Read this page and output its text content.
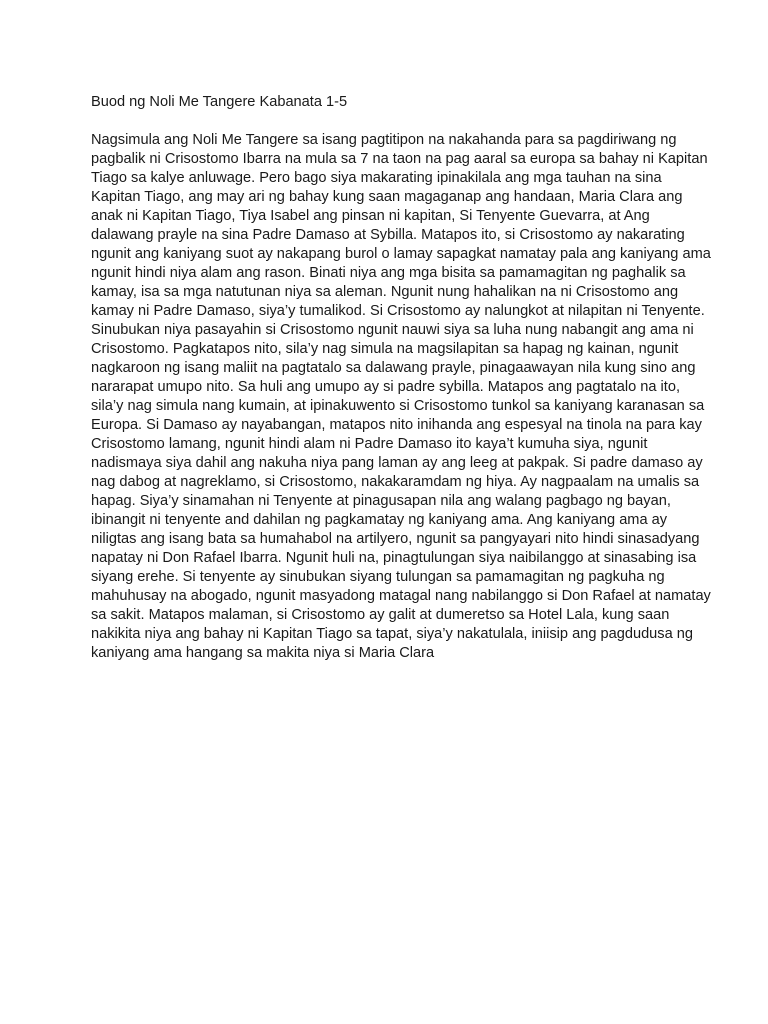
Buod ng Noli Me Tangere Kabanata 1-5
Nagsimula ang Noli Me Tangere sa isang pagtitipon na nakahanda para sa pagdiriwang ng
pagbalik ni Crisostomo Ibarra na mula sa 7 na taon na pag aaral sa europa sa bahay ni Kapitan
Tiago sa kalye anluwage. Pero bago siya makarating ipinakilala ang mga tauhan na sina
Kapitan Tiago, ang may ari ng bahay kung saan magaganap ang handaan, Maria Clara ang
anak ni Kapitan Tiago, Tiya Isabel ang pinsan ni kapitan, Si Tenyente Guevarra, at Ang
dalawang prayle na sina Padre Damaso at Sybilla. Matapos ito, si Crisostomo ay nakarating
ngunit ang kaniyang suot ay nakapang burol o lamay sapagkat namatay pala ang kaniyang ama
ngunit hindi niya alam ang rason. Binati niya ang mga bisita sa pamamagitan ng paghalik sa
kamay, isa sa mga natutunan niya sa aleman. Ngunit nung hahalikan na ni Crisostomo ang
kamay ni Padre Damaso, siya’y tumalikod. Si Crisostomo ay nalungkot at nilapitan ni Tenyente.
Sinubukan niya pasayahin si Crisostomo ngunit nauwi siya sa luha nung nabangit ang ama ni
Crisostomo. Pagkatapos nito, sila’y nag simula na magsilapitan sa hapag ng kainan, ngunit
nagkaroon ng isang maliit na pagtatalo sa dalawang prayle, pinagaawayan nila kung sino ang
nararapat umupo nito. Sa huli ang umupo ay si padre sybilla. Matapos ang pagtatalo na ito,
sila’y nag simula nang kumain, at ipinakuwento si Crisostomo tunkol sa kaniyang karanasan sa
Europa. Si Damaso ay nayabangan, matapos nito inihanda ang espesyal na tinola na para kay
Crisostomo lamang, ngunit hindi alam ni Padre Damaso ito kaya’t kumuha siya, ngunit
nadismaya siya dahil ang nakuha niya pang laman ay ang leeg at pakpak. Si padre damaso ay
nag dabog at nagreklamo, si Crisostomo, nakakaramdam ng hiya. Ay nagpaalam na umalis sa
hapag. Siya’y sinamahan ni Tenyente at pinagusapan nila ang walang pagbago ng bayan,
ibinangit ni tenyente and dahilan ng pagkamatay ng kaniyang ama. Ang kaniyang ama ay
niligtas ang isang bata sa humahabol na artilyero, ngunit sa pangyayari nito hindi sinasadyang
napatay ni Don Rafael Ibarra. Ngunit huli na, pinagtulungan siya naibilanggo at sinasabing isa
siyang erehe. Si tenyente ay sinubukan siyang tulungan sa pamamagitan ng pagkuha ng
mahuhusay na abogado, ngunit masyadong matagal nang nabilanggo si Don Rafael at namatay
sa sakit. Matapos malaman, si Crisostomo ay galit at dumeretso sa Hotel Lala, kung saan
nakikita niya ang bahay ni Kapitan Tiago sa tapat, siya’y nakatulala, iniisip ang pagdudusa ng
kaniyang ama hangang sa makita niya si Maria Clara
